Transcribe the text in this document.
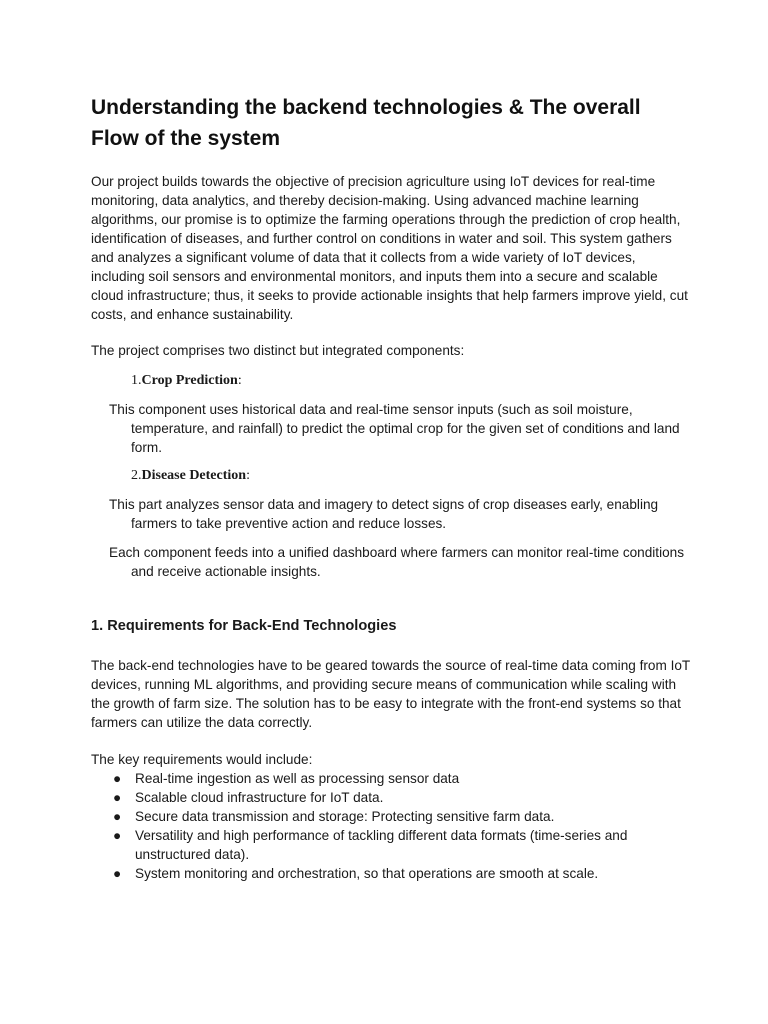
Understanding the backend technologies & The overall Flow of the system

Our project builds towards the objective of precision agriculture using IoT devices for real-time monitoring, data analytics, and thereby decision-making. Using advanced machine learning algorithms, our promise is to optimize the farming operations through the prediction of crop health, identification of diseases, and further control on conditions in water and soil. This system gathers and analyzes a significant volume of data that it collects from a wide variety of IoT devices, including soil sensors and environmental monitors, and inputs them into a secure and scalable cloud infrastructure; thus, it seeks to provide actionable insights that help farmers improve yield, cut costs, and enhance sustainability.

The project comprises two distinct but integrated components:

1.Crop Prediction:

This component uses historical data and real-time sensor inputs (such as soil moisture, temperature, and rainfall) to predict the optimal crop for the given set of conditions and land form.

2.Disease Detection:

This part analyzes sensor data and imagery to detect signs of crop diseases early, enabling farmers to take preventive action and reduce losses.

Each component feeds into a unified dashboard where farmers can monitor real-time conditions and receive actionable insights.

1. Requirements for Back-End Technologies

The back-end technologies have to be geared towards the source of real-time data coming from IoT devices, running ML algorithms, and providing secure means of communication while scaling with the growth of farm size. The solution has to be easy to integrate with the front-end systems so that farmers can utilize the data correctly.

The key requirements would include:

● Real-time ingestion as well as processing sensor data
● Scalable cloud infrastructure for IoT data.
● Secure data transmission and storage: Protecting sensitive farm data.
● Versatility and high performance of tackling different data formats (time-series and unstructured data).
● System monitoring and orchestration, so that operations are smooth at scale.
